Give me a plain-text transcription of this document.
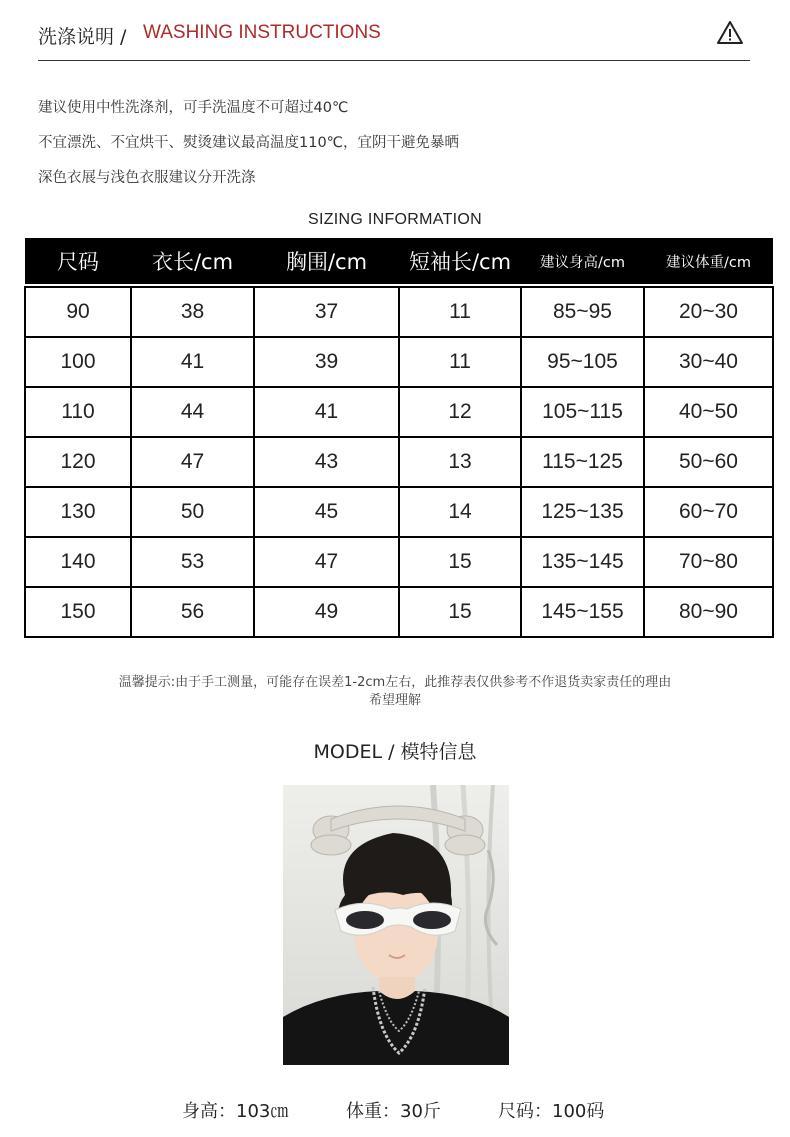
洗涤说明 / WASHING INSTRUCTIONS
建议使用中性洗涤剂，可手洗温度不可超过40℃
不宜漂洗、不宜烘干、熨烫建议最高温度110℃，宜阴干避免暴晒
深色衣展与浅色衣服建议分开洗涤
SIZING INFORMATION
尺码	衣长/cm	胸围/cm	短袖长/cm	建议身高/cm	建议体重/cm

90	38	37	11	85~95	20~30
100	41	39	11	95~105	30~40
110	44	41	12	105~115	40~50
120	47	43	13	115~125	50~60
130	50	45	14	125~135	60~70
140	53	47	15	135~145	70~80
150	56	49	15	145~155	80~90
温馨提示:由于手工测量，可能存在误差1-2cm左右，此推荐表仅供参考不作退货卖家责任的理由
希望理解
MODEL / 模特信息
身高：103㎝	体重：30斤	尺码：100码
